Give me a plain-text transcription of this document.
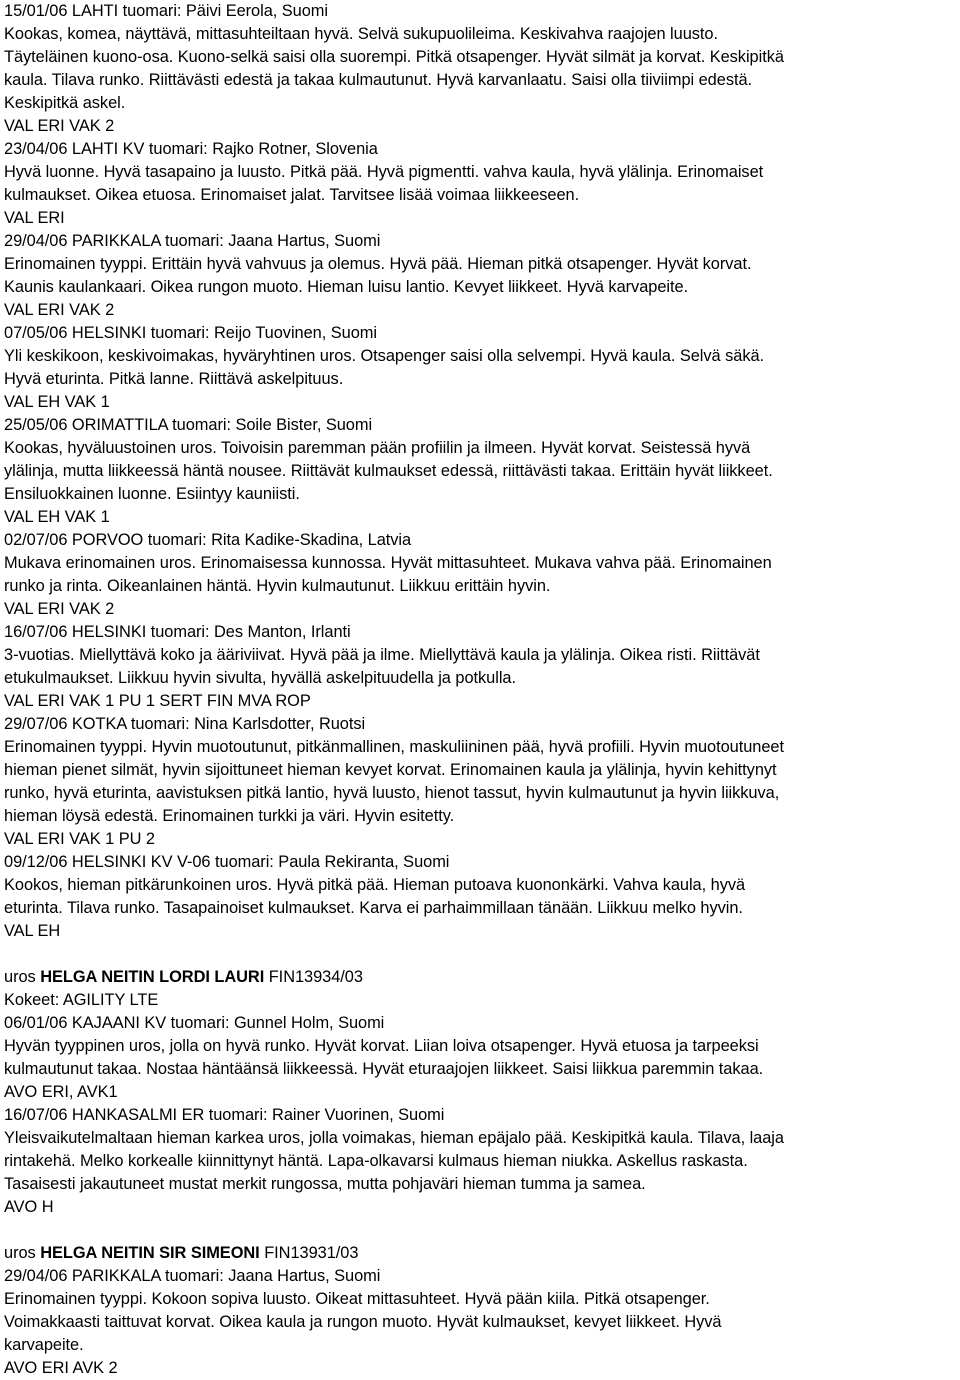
15/01/06 LAHTI tuomari: Päivi Eerola, Suomi
Kookas, komea, näyttävä, mittasuhteiltaan hyvä. Selvä sukupuolileima. Keskivahva raajojen luusto.
Täyteläinen kuono-osa. Kuono-selkä saisi olla suorempi. Pitkä otsapenger. Hyvät silmät ja korvat. Keskipitkä
kaula. Tilava runko. Riittävästi edestä ja takaa kulmautunut. Hyvä karvanlaatu. Saisi olla tiiviimpi edestä.
Keskipitkä askel.
VAL ERI VAK 2
23/04/06 LAHTI KV tuomari: Rajko Rotner, Slovenia
Hyvä luonne. Hyvä tasapaino ja luusto. Pitkä pää. Hyvä pigmentti. vahva kaula, hyvä ylälinja. Erinomaiset
kulmaukset. Oikea etuosa. Erinomaiset jalat. Tarvitsee lisää voimaa liikkeeseen.
VAL ERI
29/04/06 PARIKKALA tuomari: Jaana Hartus, Suomi
Erinomainen tyyppi. Erittäin hyvä vahvuus ja olemus. Hyvä pää. Hieman pitkä otsapenger. Hyvät korvat.
Kaunis kaulankaari. Oikea rungon muoto. Hieman luisu lantio. Kevyet liikkeet. Hyvä karvapeite.
VAL ERI VAK 2
07/05/06 HELSINKI tuomari: Reijo Tuovinen, Suomi
Yli keskikoon, keskivoimakas, hyväryhtinen uros. Otsapenger saisi olla selvempi. Hyvä kaula. Selvä säkä.
Hyvä eturinta. Pitkä lanne. Riittävä askelpituus.
VAL EH VAK 1
25/05/06 ORIMATTILA tuomari: Soile Bister, Suomi
Kookas, hyväluustoinen uros. Toivoisin paremman pään profiilin ja ilmeen. Hyvät korvat. Seistessä hyvä
ylälinja, mutta liikkeessä häntä nousee. Riittävät kulmaukset edessä, riittävästi takaa. Erittäin hyvät liikkeet.
Ensiluokkainen luonne. Esiintyy kauniisti.
VAL EH VAK 1
02/07/06 PORVOO tuomari: Rita Kadike-Skadina, Latvia
Mukava erinomainen uros. Erinomaisessa kunnossa. Hyvät mittasuhteet. Mukava vahva pää. Erinomainen
runko ja rinta. Oikeanlainen häntä. Hyvin kulmautunut. Liikkuu erittäin hyvin.
VAL ERI VAK 2
16/07/06 HELSINKI tuomari: Des Manton, Irlanti
3-vuotias. Miellyttävä koko ja ääriviivat. Hyvä pää ja ilme. Miellyttävä kaula ja ylälinja. Oikea risti. Riittävät
etukulmaukset. Liikkuu hyvin sivulta, hyvällä askelpituudella ja potkulla.
VAL ERI VAK 1 PU 1 SERT FIN MVA ROP
29/07/06 KOTKA tuomari: Nina Karlsdotter, Ruotsi
Erinomainen tyyppi. Hyvin muotoutunut, pitkänmallinen, maskuliininen pää, hyvä profiili. Hyvin muotoutuneet
hieman pienet silmät, hyvin sijoittuneet hieman kevyet korvat. Erinomainen kaula ja ylälinja, hyvin kehittynyt
runko, hyvä eturinta, aavistuksen pitkä lantio, hyvä luusto, hienot tassut, hyvin kulmautunut ja hyvin liikkuva,
hieman löysä edestä. Erinomainen turkki ja väri. Hyvin esitetty.
VAL ERI VAK 1 PU 2
09/12/06 HELSINKI KV V-06 tuomari: Paula Rekiranta, Suomi
Kookos, hieman pitkärunkoinen uros. Hyvä pitkä pää. Hieman putoava kuononkärki. Vahva kaula, hyvä
eturinta. Tilava runko. Tasapainoiset kulmaukset. Karva ei parhaimmillaan tänään. Liikkuu melko hyvin.
VAL EH
uros HELGA NEITIN LORDI LAURI FIN13934/03
Kokeet: AGILITY LTE
06/01/06 KAJAANI KV tuomari: Gunnel Holm, Suomi
Hyvän tyyppinen uros, jolla on hyvä runko. Hyvät korvat. Liian loiva otsapenger. Hyvä etuosa ja tarpeeksi
kulmautunut takaa. Nostaa häntäänsä liikkeessä. Hyvät eturaajojen liikkeet. Saisi liikkua paremmin takaa.
AVO ERI, AVK1
16/07/06 HANKASALMI ER tuomari: Rainer Vuorinen, Suomi
Yleisvaikutelmaltaan hieman karkea uros, jolla voimakas, hieman epäjalo pää. Keskipitkä kaula. Tilava, laaja
rintakehä. Melko korkealle kiinnittynyt häntä. Lapa-olkavarsi kulmaus hieman niukka. Askellus raskasta.
Tasaisesti jakautuneet mustat merkit rungossa, mutta pohjaväri hieman tumma ja samea.
AVO H
uros HELGA NEITIN SIR SIMEONI FIN13931/03
29/04/06 PARIKKALA tuomari: Jaana Hartus, Suomi
Erinomainen tyyppi. Kokoon sopiva luusto. Oikeat mittasuhteet. Hyvä pään kiila. Pitkä otsapenger.
Voimakkaasti taittuvat korvat. Oikea kaula ja rungon muoto. Hyvät kulmaukset, kevyet liikkeet. Hyvä
karvapeite.
AVO ERI AVK 2
